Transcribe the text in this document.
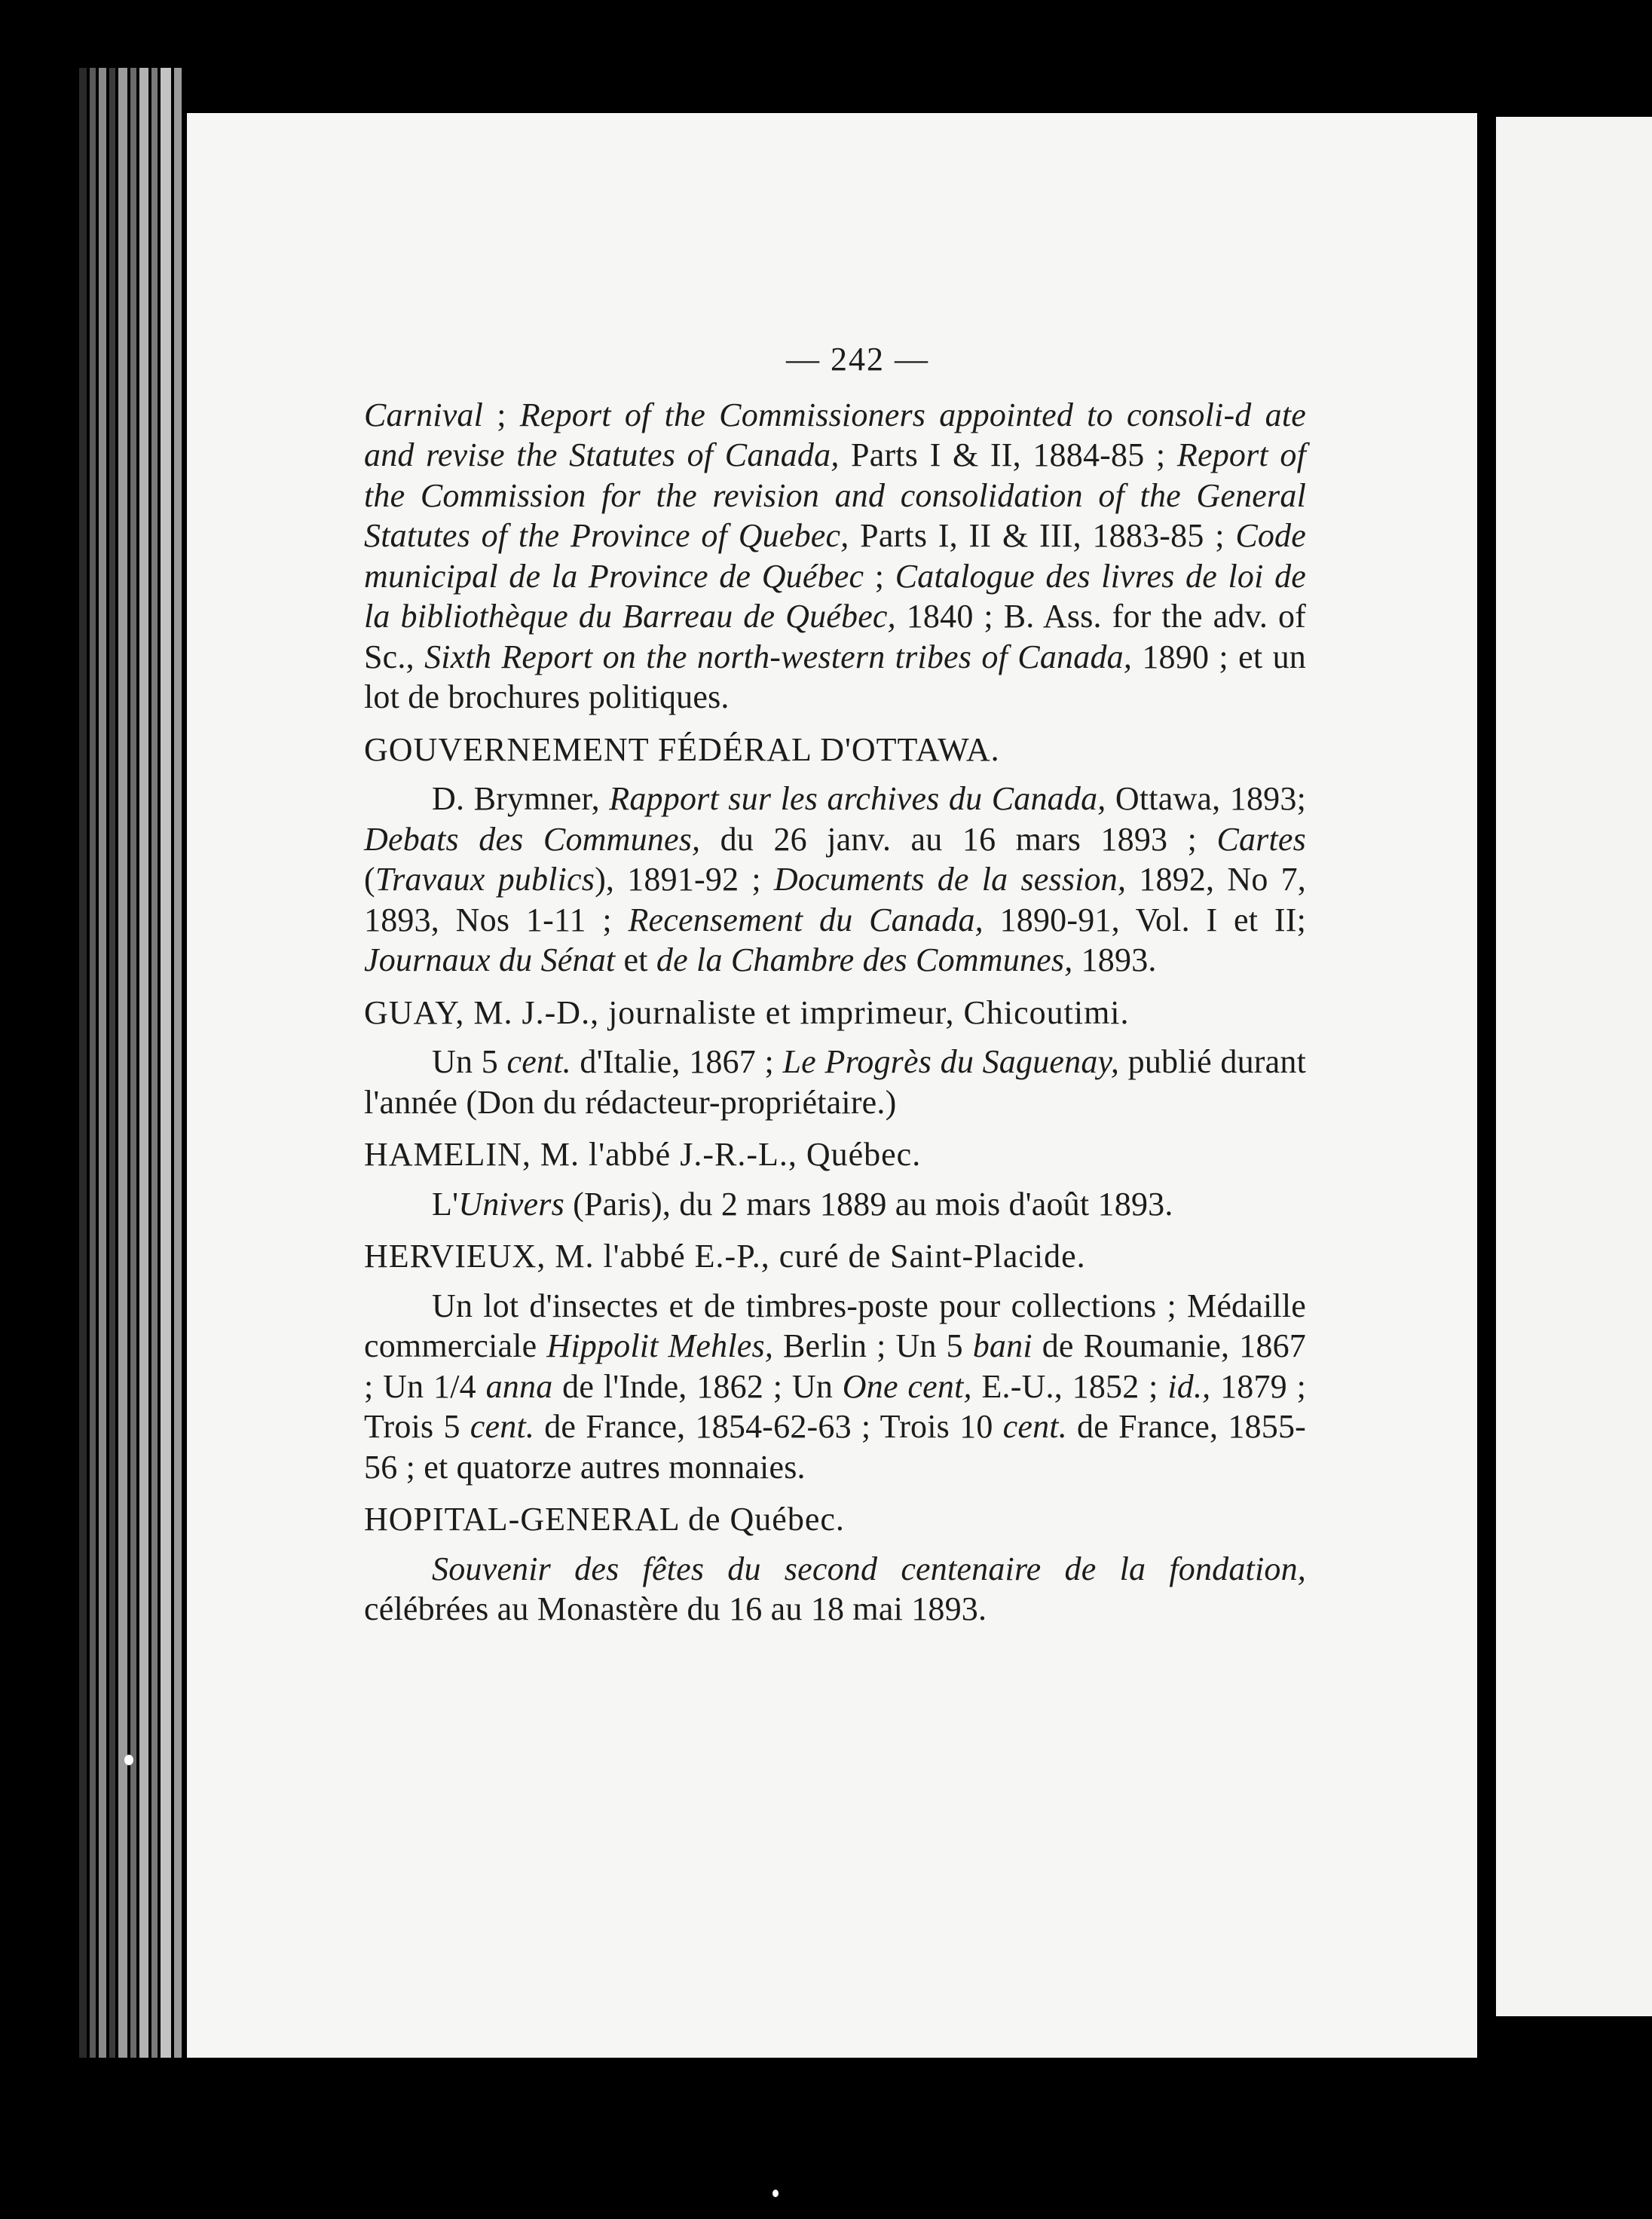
— 242 —

Carnival ; Report of the Commissioners appointed to consoli-d ate and revise the Statutes of Canada, Parts I & II, 1884-85 ; Report of the Commission for the revision and consolidation of the General Statutes of the Province of Quebec, Parts I, II & III, 1883-85 ; Code municipal de la Province de Québec ; Catalogue des livres de loi de la bibliothèque du Barreau de Québec, 1840 ; B. Ass. for the adv. of Sc., Sixth Report on the north-western tribes of Canada, 1890 ; et un lot de brochures politiques.

GOUVERNEMENT FÉDÉRAL D'OTTAWA.

D. Brymner, Rapport sur les archives du Canada, Ottawa, 1893; Debats des Communes, du 26 janv. au 16 mars 1893 ; Cartes (Travaux publics), 1891-92 ; Documents de la session, 1892, No 7, 1893, Nos 1-11 ; Recensement du Canada, 1890-91, Vol. I et II; Journaux du Sénat et de la Chambre des Communes, 1893.

GUAY, M. J.-D., journaliste et imprimeur, Chicoutimi.

Un 5 cent. d'Italie, 1867 ; Le Progrès du Saguenay, publié durant l'année (Don du rédacteur-propriétaire.)

HAMELIN, M. l'abbé J.-R.-L., Québec.

L'Univers (Paris), du 2 mars 1889 au mois d'août 1893.

HERVIEUX, M. l'abbé E.-P., curé de Saint-Placide.

Un lot d'insectes et de timbres-poste pour collections ; Médaille commerciale Hippolit Mehles, Berlin ; Un 5 bani de Roumanie, 1867 ; Un 1/4 anna de l'Inde, 1862 ; Un One cent, E.-U., 1852 ; id., 1879 ; Trois 5 cent. de France, 1854-62-63 ; Trois 10 cent. de France, 1855-56 ; et quatorze autres monnaies.

HOPITAL-GENERAL de Québec.

Souvenir des fêtes du second centenaire de la fondation, célébrées au Monastère du 16 au 18 mai 1893.
